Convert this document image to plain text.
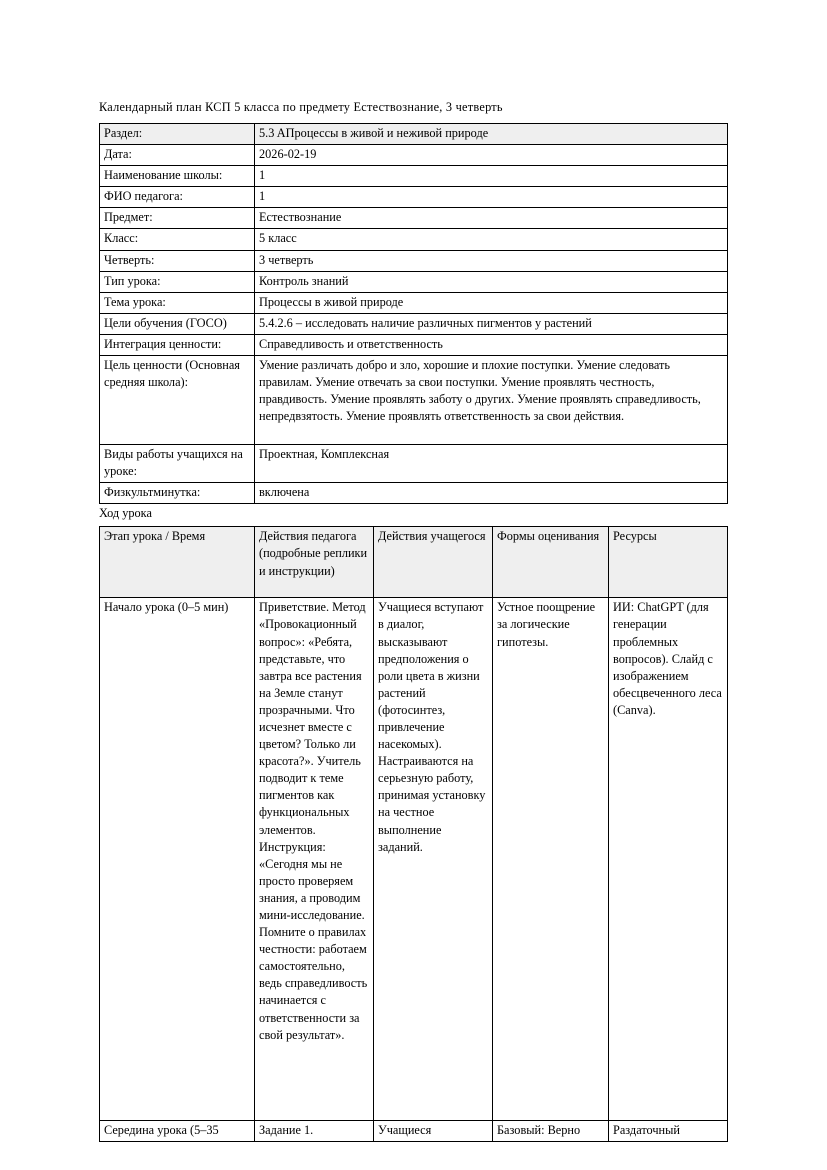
Календарный план КСП 5 класса по предмету Естествознание, 3 четверть

Раздел:	5.3 AПроцессы в живой и неживой природе
Дата:	2026-02-19
Наименование школы:	1
ФИО педагога:	1
Предмет:	Естествознание
Класс:	5 класс
Четверть:	3 четверть
Тип урока:	Контроль знаний
Тема урока:	Процессы в живой природе
Цели обучения (ГОСО)	5.4.2.6 – исследовать наличие различных пигментов у растений
Интеграция ценности:	Справедливость и ответственность
Цель ценности (Основная средняя школа):	Умение различать добро и зло, хорошие и плохие поступки. Умение следовать правилам. Умение отвечать за свои поступки. Умение проявлять честность, правдивость. Умение проявлять заботу о других. Умение проявлять справедливость, непредвзятость. Умение проявлять ответственность за свои действия.
Виды работы учащихся на уроке:	Проектная, Комплексная
Физкультминутка:	включена

Ход урока

Этап урока / Время	Действия педагога (подробные реплики и инструкции)	Действия учащегося	Формы оценивания	Ресурсы
Начало урока (0–5 мин)	Приветствие. Метод «Провокационный вопрос»: «Ребята, представьте, что завтра все растения на Земле станут прозрачными. Что исчезнет вместе с цветом? Только ли красота?». Учитель подводит к теме пигментов как функциональных элементов. Инструкция: «Сегодня мы не просто проверяем знания, а проводим мини-исследование. Помните о правилах честности: работаем самостоятельно, ведь справедливость начинается с ответственности за свой результат».	Учащиеся вступают в диалог, высказывают предположения о роли цвета в жизни растений (фотосинтез, привлечение насекомых). Настраиваются на серьезную работу, принимая установку на честное выполнение заданий.	Устное поощрение за логические гипотезы.	ИИ: ChatGPT (для генерации проблемных вопросов). Слайд с изображением обесцвеченного леса (Canva).
Середина урока (5–35	Задание 1.	Учащиеся	Базовый: Верно	Раздаточный
